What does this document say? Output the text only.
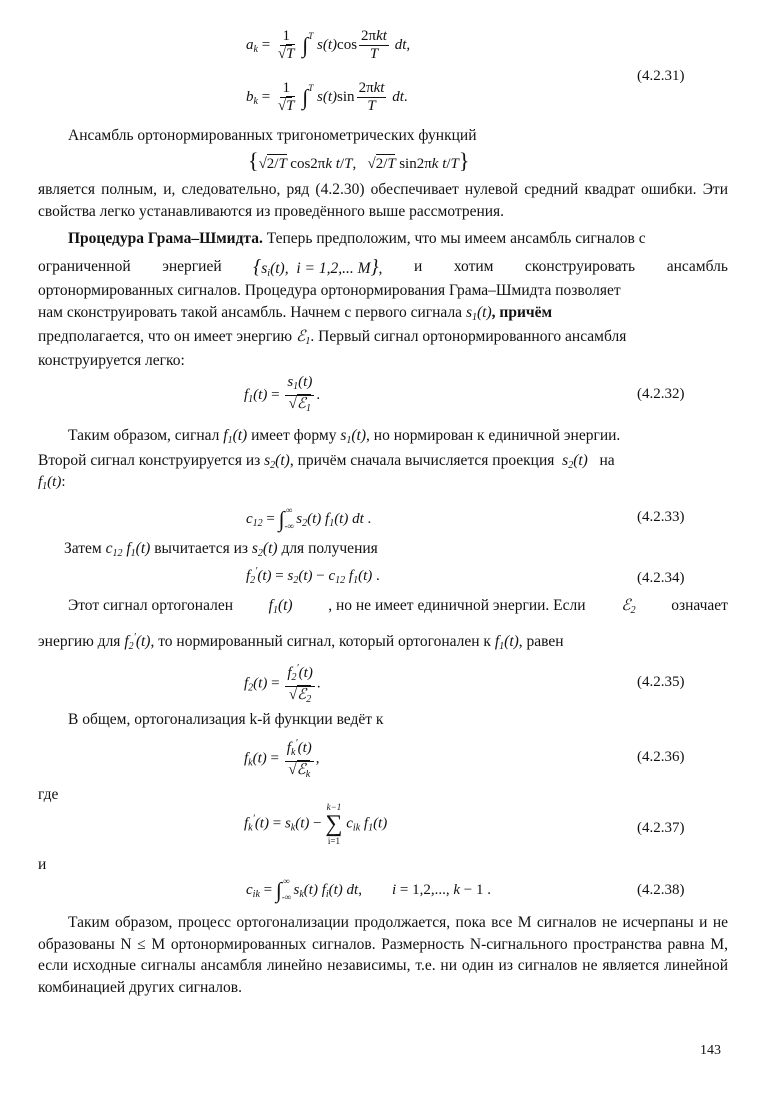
$a_k = \frac{1}{√T} \int^T$ $s(t)\cos \frac{\text{2πkt}}{T}$ dt,
$b_k = \frac{1}{√T} \int^T$ $s(t)\sin \frac{\text{2πkt}}{T}$ dt.
(4.2.31)
Ансамбль ортонормированных тригонометрических функций
{√2/T cos2πk t/T, √2/T sin2πk t/T}
является полным, и, следовательно, ряд (4.2.30) обеспечивает нулевой средний квадрат ошибки. Эти свойства легко устанавливаются из проведённого выше рассмотрения.
Процедура Грама–Шмидта. Теперь предположим, что мы имеем ансамбль сигналов с
ограниченной энергией {$s_i(t)$,  i = 1,2,... M}, и хотим сконструировать ансамбль
ортонормированных сигналов. Процедура ортонормирования Грама–Шмидта позволяет
нам сконструировать такой ансамбль. Начнем с первого сигнала $s_1(t)$, причём
предполагается, что он имеет энергию ℰ$_1$. Первый сигнал ортонормированного ансамбля
конструируется легко:
$f_1(t) = \frac{s_1(t)}{√ℰ_1}$ .	(4.2.32)
Таким образом, сигнал $f_1(t)$ имеет форму $s_1(t)$, но нормирован к единичной энергии.
Второй сигнал конструируется из $s_2(t)$, причём сначала вычисляется проекция  $s_2(t)$ на
$f_1(t)$:
$c_{12} = \int_{-\infty}^\infty$ $s_2(t)$ $f_1(t)$ dt .	(4.2.33)
Затем $c_{12}$ $f_1(t)$ вычитается из $s_2(t)$ для получения
$f_2'(t) = s_2(t) - c_{12}$ $f_1(t)$ .	(4.2.34)
Этот сигнал ортогонален $f_1(t)$ , но не имеет единичной энергии. Если ℰ$_2$ означает
энергию для $f_2'(t)$, то нормированный сигнал, который ортогонален к $f_1(t)$, равен
$f_2(t) = \frac{f_2'(t)}{√ℰ_2}$ .	(4.2.35)
В общем, ортогонализация k-й функции ведёт к
$f_k(t) = \frac{f_k'(t)}{√ℰ_k}$ ,	(4.2.36)
где
$f_k'(t) = s_k(t)$ −
k−1
∑
i=1
$c_{ik}$ $f_1(t)$	(4.2.37)
и
$c_{ik} = \int_{-\infty}^\infty$ $s_k(t)$ $f_i(t)$ dt,        i = 1,2,..., k − 1 .	(4.2.38)
Таким образом, процесс ортогонализации продолжается, пока все M сигналов не исчерпаны и не образованы N ≤ M ортонормированных сигналов. Размерность N-сигнального пространства равна M, если исходные сигналы ансамбля линейно независимы, т.е. ни один из сигналов не является линейной комбинацией других сигналов.
143
